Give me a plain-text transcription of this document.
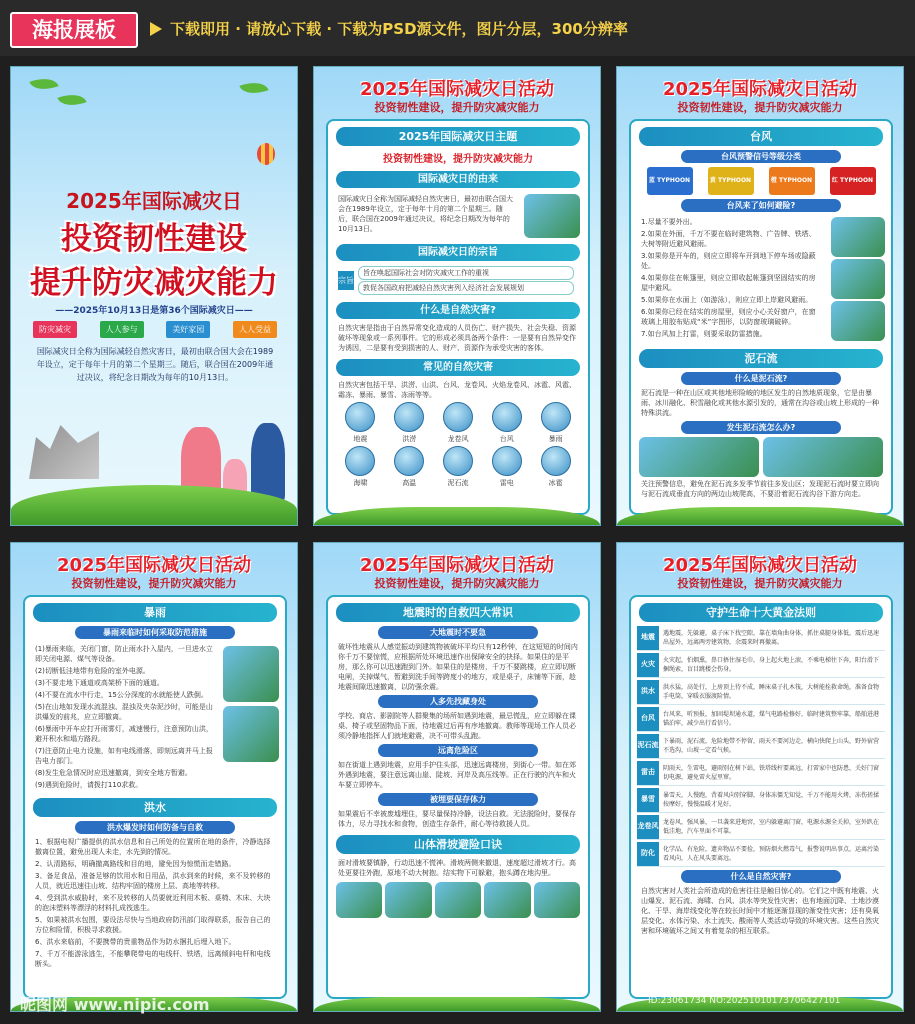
海报展板	下载即用 · 请放心下载 · 下载为PSD源文件，图片分层，300分辨率
2025年国际减灾日
投资韧性建设
提升防灾减灾能力
——2025年10月13日是第36个国际减灾日——
防灾减灾	人人参与	美好家园	人人受益
国际减灾日全称为国际减轻自然灾害日，最初由联合国大会在1989年设立，定于每年十月的第二个星期三。随后，联合国在2009年通过决议，将纪念日期改为每年的10月13日。
2025年国际减灾日活动
投资韧性建设，提升防灾减灾能力
2025年国际减灾日主题
投资韧性建设，提升防灾减灾能力
国际减灾日的由来
国际减灾日全称为国际减轻自然灾害日，最初由联合国大会在1989年设立，定于每年十月的第二个星期三。随后，联合国在2009年通过决议，将纪念日期改为每年的10月13日。
国际减灾日的宗旨
宗旨
旨在唤起国际社会对防灾减灾工作的重视
敦促各国政府把减轻自然灾害列入经济社会发展规划
什么是自然灾害?
自然灾害是指由于自然异常变化造成的人员伤亡、财产损失、社会失稳、资源破坏等现象或一系列事件。它的形成必须具备两个条件：一是要有自然异变作为诱因，二是要有受到损害的人、财产、资源作为承受灾害的客体。
常见的自然灾害
自然灾害包括干旱、洪涝、山洪、台风、龙卷风、火焰龙卷风、冰雹、风雹、霜冻、暴雨、暴雪、冻雨等等。
地震	洪涝	龙卷风	台风	暴雨
海啸	高温	泥石流	雷电	冰雹
2025年国际减灾日活动
投资韧性建设，提升防灾减灾能力
台风
台风预警信号等级分类
蓝 TYPHOON	黄 TYPHOON	橙 TYPHOON	红 TYPHOON
台风来了如何避险?
1.尽量不要外出。
2.如果在外面，千万不要在临时建筑物、广告牌、铁塔、大树等附近避风避雨。
3.如果你是开车的，则应立即将车开到地下停车场或隐蔽处。
4.如果你住在帐篷里，则应立即收起帐篷到坚固结实的房屋中避风。
5.如果你在水面上（如游泳），则应立即上岸避风避雨。
6.如果你已经在结实的房屋里，则应小心关好窗户，在窗玻璃上用胶布贴成“米”字图形，以防窗玻璃破碎。
7.如台风加上打雷，则要采取防雷措施。
泥石流
什么是泥石流?
泥石流是一种在山区或其他地形险峻的地区发生的自然地质现象，它是由暴雨、冰川融化、积雪融化或其他水源引发的，通常在沟谷或山坡上形成的一种特殊洪流。
发生泥石流怎么办?
关注预警信息，避免在泥石流多发季节前往多发山区；发现泥石流时要立即向与泥石流成垂直方向的两边山坡爬高，不要沿着泥石流沟谷下游方向走。
2025年国际减灾日活动
投资韧性建设，提升防灾减灾能力
暴雨
暴雨来临时如何采取防范措施
(1)暴雨来临，关闭门窗，防止雨水扑入屋内，一旦进水立即关闭电源、煤气等设备。
(2)切断低洼地带有危险的室外电源。
(3)不要走地下通道或高架桥下面的通道。
(4)不要在流水中行走，15公分深度的水就能使人跌倒。
(5)在山地如发现水流混浊、混浊及夹杂泥沙时，可能是山洪爆发的前兆，应立即撤离。
(6)暴雨中开车应打开雨雾灯，减速慢行，注意预防山洪，避开积水和塌方路段。
(7)注意防止电力设施，如有电线滑落，即刻远离并马上报告电力部门。
(8)发生危急情况时应迅速撤离，到安全地方暂避。
(9)遇到危险时，请拨打110求救。
洪水
洪水爆发时如何防备与自救
1、根据电视广播提供的洪水信息和自己所处的位置所在地的条件，冷静选择撤离位置，避免出现人未走，水先到的情况。
2、认清路标，明确撤离路线和目的地，避免因为惊慌而走错路。
3、备足食品，准备足够的饮用水和日用品，洪水到来的时候，来不及转移的人员，就近迅速往山坡、结构牢固的楼房上层、高地等转移。
4、受到洪水威胁时，来不及转移的人员要就近利用木板、桌椅、木床、大块的泡沫塑料等漂浮的材料扎成筏逃生。
5、如果被洪水包围，要设法尽快与当地政府防汛部门取得联系，报告自己的方位和险情，积极寻求救援。
6、洪水来临前，不要携带的贵重物品作为防水捆扎后埋入地下。
7、千万不能游泳逃生，不能攀爬带电的电线杆、铁塔，远离倾斜电杆和电线断头。
2025年国际减灾日活动
投资韧性建设，提升防灾减灾能力
地震时的自救四大常识
大地震时不要急
破坏性地震从人感觉振动到建筑物被破坏平均只有12秒钟，在这短短的时间内你千万不要惊慌，应根据所处环境迅速作出保障安全的抉择。如果住的是平房，那么你可以迅速跑到门外。如果住的是楼房，千万不要跳楼，应立即切断电闸，关掉煤气，暂避到洗手间等跨度小的地方，或是桌子，床铺等下面，趁地震间隙迅速撤离，以防强余震。
人多先找藏身处
学校、商店、影剧院等人群聚集的场所如遇到地震，最忌慌乱，应立即躲在课桌、椅子或坚固物品下面，待地震过后再有序地撤离。教师等现场工作人员必须冷静地指挥人们就地避震，决不可带头乱跑。
远离危险区
如在街道上遇到地震，应用手护住头部，迅速远离楼房，到街心一带。如在郊外遇到地震，要注意远离山崖、陡坡、河岸及高压线等。正在行驶的汽车和火车要立即停车。
被埋要保存体力
如果震后不幸被废墟埋住，要尽量保持冷静，设法自救。无法脱险时，要保存体力，尽力寻找水和食物，创造生存条件，耐心等待救援人员。
山体滑坡避险口诀
面对滑坡要镇静，行动迅速不慌神。滑坡两侧来撤退，速度超过滑坡才行。高处更要往外跑，原地不动大树抱。结实物下可躲避，抱头蹲在地沟里。
2025年国际减灾日活动
投资韧性建设，提升防灾减灾能力
守护生命十大黄金法则
地震	遇地震，先躲避，桌子床下找空隙，靠在墙角曲身体，抓住桌腿身体低，震后迅速出屋外，远离两旁建筑物，余震来时再撤离。
火灾	火灾起，怕烟熏，鼻口捂住湿毛巾，身上起火地上滚，不乘电梯往下奔，阳台滑下捆绳索，盲目跳楼会伤身。
洪水	洪水猛，高处行，上房顶上待不成，睡床桌子扎木筏，大树能拴救命绳，准备食物手电筒，穿暖衣服渡险情。
台风	台风来，听预报，加固堤坝通水道，煤气电路检修好，临时建筑整牢靠，船舶进港锚泊牢，减少出行看信号。
泥石流 下暴雨，泥石流，危险地带不停留，雨天不要河边走，横向快爬上山头，野外宿营不选沟，山坡一定看气候。
雷击	阴雨天，生雷电，避雨别在树下站，铁塔线杆要离远，打雷家中也防患，关好门窗切电源，避免雷火屋里窜。
暴雪	暴雪天，人慢跑，背着风向别穿脚，身体冻僵无知觉，千万不能用火烤，冻伤搓揉按摩好，慢慢温暖才见好。
龙卷风 龙卷风，强风暴，一旦袭来进地窖，室内躲避离门窗，电源水源全关掉，室外趴在低洼地，汽车里面不可靠。
防化	化学品，有危险，遗弃物品不要捡，预防烟火燃毒气，报警说明出事点，运离污染看风向，人在风头要离远。
什么是自然灾害?
自然灾害对人类社会所造成的危害往往是触目惊心的。它们之中既有地震、火山爆发、泥石流、海啸、台风、洪水等突发性灾害；也有地面沉降、土地沙漠化、干旱、海岸线变化等在较长时间中才能逐渐显现的渐变性灾害；还有臭氧层变化、水体污染、水土流失、酸雨等人类活动导致的环境灾害。这些自然灾害和环境破坏之间又有着复杂的相互联系。
昵图网 www.nipic.com	ID:23061734 NO:20251010173706427101
